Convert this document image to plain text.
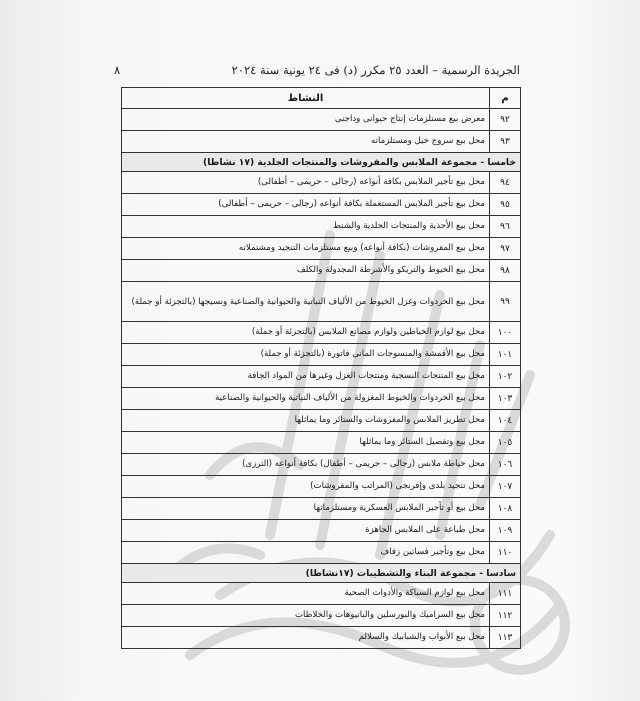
الجريدة الرسمية – العدد ٢٥ مكرر (د) فى ٢٤ يونية سنة ٢٠٢٤
٨
م	النشاط
٩٢	معرض بيع مستلزمات إنتاج حيوانى وداجنى
٩٣	محل بيع سروج خيل ومستلزماته
خامسا - مجموعة الملابس والمفروشات والمنتجات الجلدية (١٧ نشاطا)	
٩٤	محل بيع تأجير الملابس بكافة أنواعه (رجالى – حريمى – أطفالى)
٩٥	محل بيع تأجير الملابس المستعملة بكافة أنواعه (رجالى – حريمى – أطفالى)
٩٦	محل بيع الأحذية والمنتجات الجلدية والشنط
٩٧	محل بيع المفروشات (بكافة أنواعه) وبيع مستلزمات التنجيد ومشتملاته
٩٨	محل بيع الخيوط والتريكو والأشرطة المجدولة والكلف
٩٩	محل بيع الخردوات وغزل الخيوط من الألياف النباتية والحيوانية والصناعية ونسيجها (بالتجزئة أو جملة)
١٠٠	محل بيع لوازم الخياطين ولوازم مصانع الملابس (بالتجزئة أو جملة)
١٠١	محل بيع الأقمشة والمنسوجات المانى فاتورة (بالتجزئة أو جملة)
١٠٢	محل بيع المنتجات النسجية ومنتجات الغزل وغيرها من المواد الجافة
١٠٣	محل بيع الخردوات والخيوط المغزولة من الألياف النباتية والحيوانية والصناعية
١٠٤	محل تطريز الملابس والمفروشات والستائر وما يماثلها
١٠٥	محل بيع وتفصيل الستائر وما يماثلها
١٠٦	محل خياطة ملابس (رجالى – حريمى – أطفال) بكافة أنواعه (الترزى)
١٠٧	محل تنجيد بلدى وإفرنجى (المراتب والمفروشات)
١٠٨	محل بيع أو تأجير الملابس العسكرية ومستلزماتها
١٠٩	محل طباعة على الملابس الجاهزة
١١٠	محل بيع وتأجير فساتين زفاف
سادسا - مجموعة البناء والتشطيبات (١٧نشاطا)	
١١١	محل بيع لوازم السباكة والأدوات الصحية
١١٢	محل بيع السراميك والبورسلين والبانيوهات والخلاطات
١١٣	محل بيع الأبواب والشبابيك والسلالم
